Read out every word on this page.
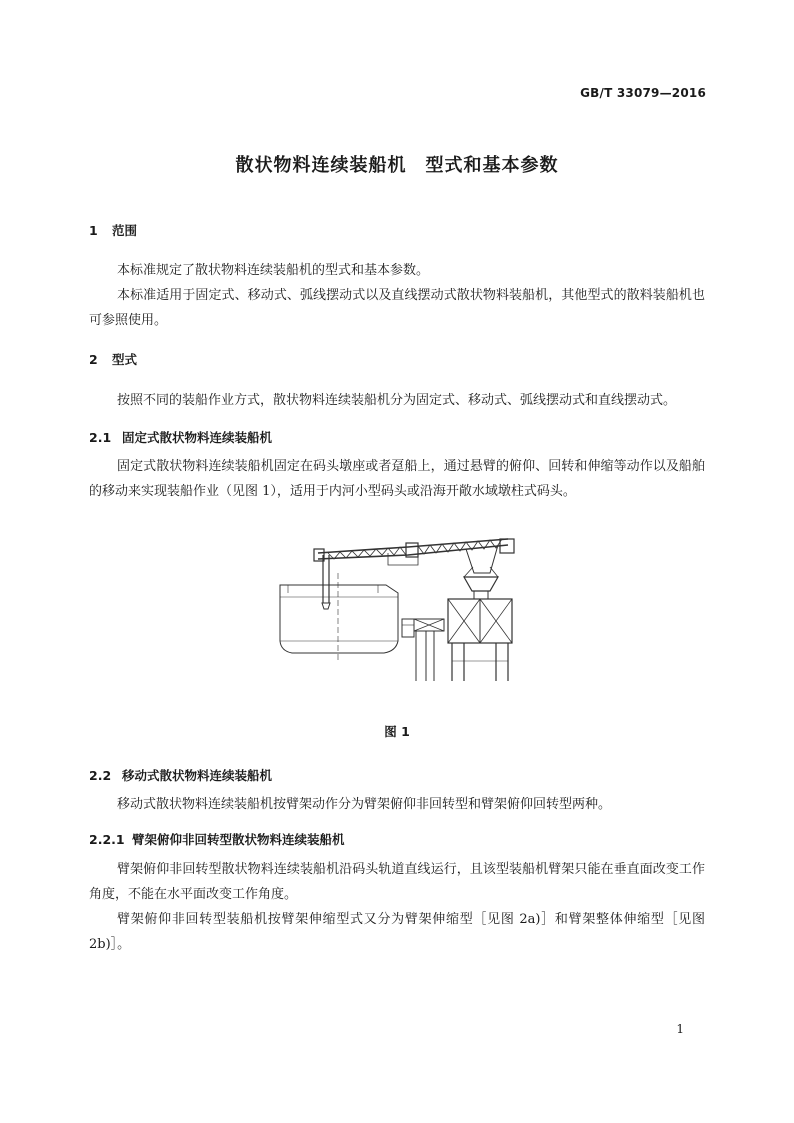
GB/T 33079—2016
散状物料连续装船机　型式和基本参数
1 范围
本标准规定了散状物料连续装船机的型式和基本参数。
本标准适用于固定式、移动式、弧线摆动式以及直线摆动式散状物料装船机，其他型式的散料装船机也可参照使用。
2 型式
按照不同的装船作业方式，散状物料连续装船机分为固定式、移动式、弧线摆动式和直线摆动式。
2.1 固定式散状物料连续装船机
固定式散状物料连续装船机固定在码头墩座或者趸船上，通过悬臂的俯仰、回转和伸缩等动作以及船舶的移动来实现装船作业（见图 1），适用于内河小型码头或沿海开敞水域墩柱式码头。
图 1
2.2 移动式散状物料连续装船机
移动式散状物料连续装船机按臂架动作分为臂架俯仰非回转型和臂架俯仰回转型两种。
2.2.1 臂架俯仰非回转型散状物料连续装船机
臂架俯仰非回转型散状物料连续装船机沿码头轨道直线运行，且该型装船机臂架只能在垂直面改变工作角度，不能在水平面改变工作角度。
臂架俯仰非回转型装船机按臂架伸缩型式又分为臂架伸缩型［见图 2a)］和臂架整体伸缩型［见图 2b)］。
1
